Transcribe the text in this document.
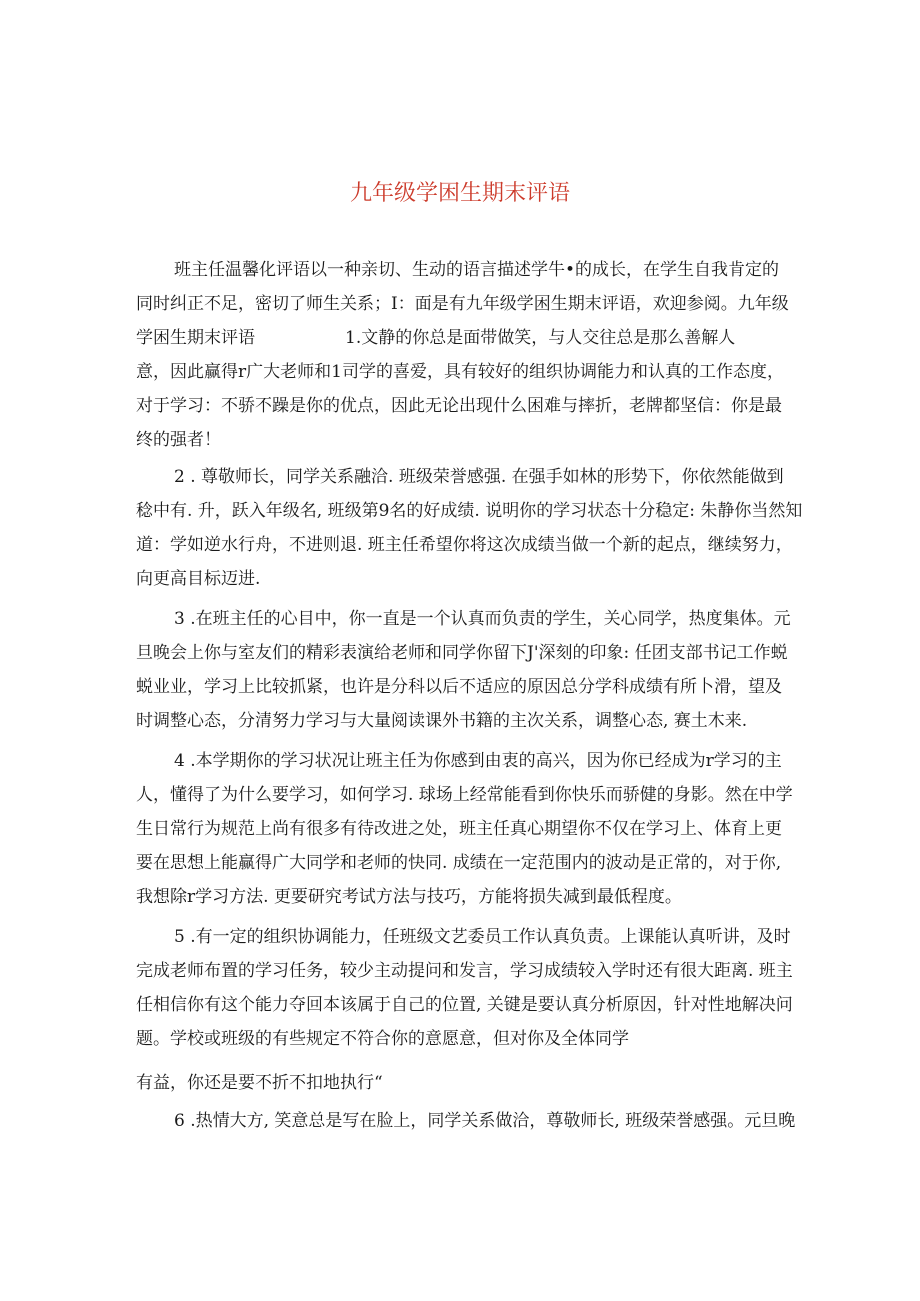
九年级学困生期末评语
班主任温馨化评语以一种亲切、生动的语言描述学牛•的成长，在学生自我肯定的
同时纠正不足，密切了师生关系；I：面是有九年级学困生期末评语，欢迎参阅。九年级
学困生期末评语	1.文静的你总是面带做笑，与人交往总是那么善解人
意，因此赢得r广大老师和1司学的喜爱，具有较好的组织协调能力和认真的工作态度，
对于学习：不骄不躁是你的优点，因此无论出现什么困难与摔折，老牌都坚信：你是最
终的强者！
2 . 尊敬师长，同学关系融洽. 班级荣誉感强. 在强手如林的形势下，你依然能做到
稔中有. 升，跃入年级名, 班级第9名的好成绩. 说明你的学习状态十分稳定: 朱静你当然知
道：学如逆水行舟，不进则退. 班主任希望你将这次成绩当做一个新的起点，继续努力，
向更高目标迈进.
3 .在班主任的心目中，你一直是一个认真而负责的学生，关心同学，热度集体。元
旦晚会上你与室友们的精彩表演给老师和同学你留下J'深刻的印象: 任团支部书记工作蜕
蜕业业，学习上比较抓紧，也许是分科以后不适应的原因总分学科成绩有所卜滑，望及
时调整心态，分清努力学习与大量阅读课外书籍的主次关系，调整心态, 赛土木来.
4 .本学期你的学习状况让班主任为你感到由衷的高兴，因为你已经成为r学习的主
人，懂得了为什么要学习，如何学习. 球场上经常能看到你快乐而骄健的身影。然在中学
生日常行为规范上尚有很多有待改进之处，班主任真心期望你不仅在学习上、体育上更
要在思想上能赢得广大同学和老师的快同. 成绩在一定范围内的波动是正常的，对于你,
我想除r学习方法. 更要研究考试方法与技巧，方能将损失减到最低程度。
5 .有一定的组织协调能力，任班级文艺委员工作认真负责。上课能认真听讲，及时
完成老师布置的学习任务，较少主动提问和发言，学习成绩较入学时还有很大距离. 班主
任相信你有这个能力夺回本该属于自己的位置, 关键是要认真分析原因，针对性地解决问
题。学校或班级的有些规定不符合你的意愿意，但对你及全体同学
有益，你还是要不折不扣地执行“
6 .热情大方, 笑意总是写在脸上，同学关系做洽，尊敬师长, 班级荣誉感强。元旦晚
